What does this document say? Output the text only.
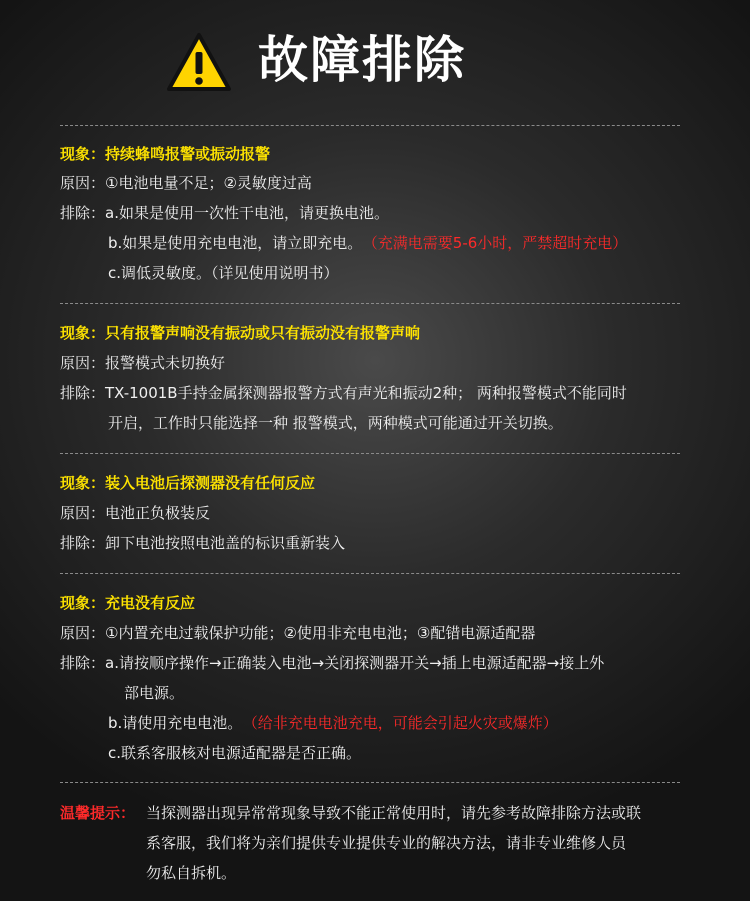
故障排除
现象：持续蜂鸣报警或振动报警
原因：①电池电量不足；②灵敏度过高
排除：a.如果是使用一次性干电池，请更换电池。
b.如果是使用充电电池，请立即充电。 （充满电需要5-6小时，严禁超时充电）
c.调低灵敏度。（详见使用说明书）
现象：只有报警声响没有振动或只有振动没有报警声响
原因：报警模式未切换好
排除：TX-1001B手持金属探测器报警方式有声光和振动2种； 两种报警模式不能同时
开启，工作时只能选择一种 报警模式，两种模式可能通过开关切换。
现象：装入电池后探测器没有任何反应
原因：电池正负极装反
排除：卸下电池按照电池盖的标识重新装入
现象：充电没有反应
原因：①内置充电过载保护功能；②使用非充电电池；③配错电源适配器
排除：a.请按顺序操作→正确装入电池→关闭探测器开关→插上电源适配器→接上外
部电源。
b.请使用充电电池。 （给非充电电池充电，可能会引起火灾或爆炸）
c.联系客服核对电源适配器是否正确。
温馨提示： 当探测器出现异常常现象导致不能正常使用时，请先参考故障排除方法或联
系客服，我们将为亲们提供专业提供专业的解决方法，请非专业维修人员
勿私自拆机。
